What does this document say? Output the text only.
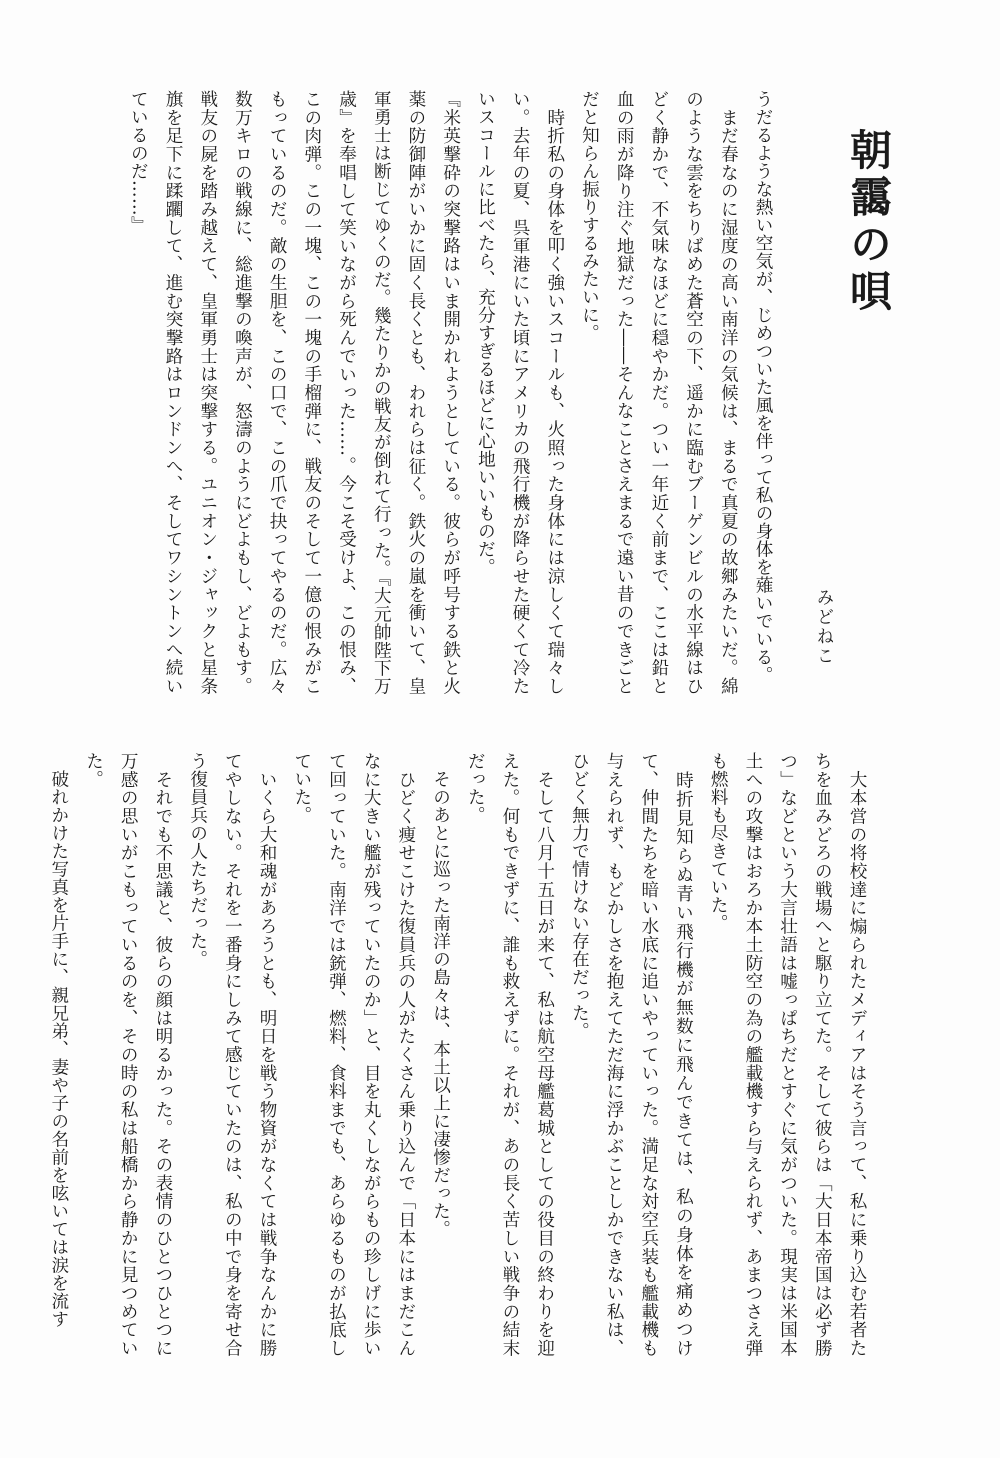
朝靄の唄
みどねこ

うだるような熱い空気が、じめついた風を伴って私の身体を薙いでいる。

　まだ春なのに湿度の高い南洋の気候は、まるで真夏の故郷みたいだ。綿のような雲をちりばめた蒼空の下、遥かに臨むブーゲンビルの水平線はひどく静かで、不気味なほどに穏やかだ。つい一年近く前まで、ここは鉛と血の雨が降り注ぐ地獄だった――そんなことさえまるで遠い昔のできごとだと知らん振りするみたいに。

　時折私の身体を叩く強いスコールも、火照った身体には涼しくて瑞々しい。去年の夏、呉軍港にいた頃にアメリカの飛行機が降らせた硬くて冷たいスコールに比べたら、充分すぎるほどに心地いいものだ。

『米英撃砕の突撃路はいま開かれようとしている。彼らが呼号する鉄と火薬の防御陣がいかに固く長くとも、われらは征く。鉄火の嵐を衝いて、皇軍勇士は断じてゆくのだ。幾たりかの戦友が倒れて行った。『大元帥陛下万歳』を奉唱して笑いながら死んでいった……。今こそ受けよ、この恨み、この肉弾。この一塊、この一塊の手榴弾に、戦友のそして一億の恨みがこもっているのだ。敵の生胆を、この口で、この爪で抉ってやるのだ。広々数万キロの戦線に、総進撃の喚声が、怒濤のようにどよもし、どよもす。戦友の屍を踏み越えて、皇軍勇士は突撃する。ユニオン・ジャックと星条旗を足下に蹂躙して、進む突撃路はロンドンへ、そしてワシントンへ続いているのだ……』

　大本営の将校達に煽られたメディアはそう言って、私に乗り込む若者たちを血みどろの戦場へと駆り立てた。そして彼らは「大日本帝国は必ず勝つ」などという大言壮語は嘘っぱちだとすぐに気がついた。現実は米国本土への攻撃はおろか本土防空の為の艦載機すら与えられず、あまつさえ弾も燃料も尽きていた。

　時折見知らぬ青い飛行機が無数に飛んできては、私の身体を痛めつけて、仲間たちを暗い水底に追いやっていった。満足な対空兵装も艦載機も与えられず、もどかしさを抱えてただ海に浮かぶことしかできない私は、ひどく無力で情けない存在だった。

　そして八月十五日が来て、私は航空母艦葛城としての役目の終わりを迎えた。何もできずに、誰も救えずに。それが、あの長く苦しい戦争の結末だった。

　そのあとに巡った南洋の島々は、本土以上に凄惨だった。

　ひどく痩せこけた復員兵の人がたくさん乗り込んで「日本にはまだこんなに大きい艦が残っていたのか」と、目を丸くしながらもの珍しげに歩いて回っていた。南洋では銃弾、燃料、食料までも、あらゆるものが払底していた。

　いくら大和魂があろうとも、明日を戦う物資がなくては戦争なんかに勝てやしない。それを一番身にしみて感じていたのは、私の中で身を寄せ合う復員兵の人たちだった。

　それでも不思議と、彼らの顔は明るかった。その表情のひとつひとつに万感の思いがこもっているのを、その時の私は船橋から静かに見つめていた。

　破れかけた写真を片手に、親兄弟、妻や子の名前を呟いては涙を流す
